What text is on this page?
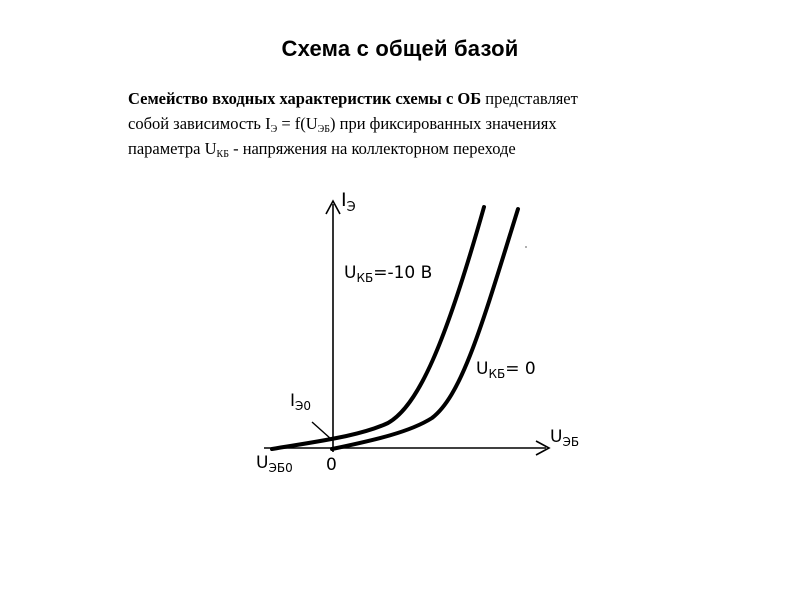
Схема с общей базой
Семейство входных характеристик схемы с ОБ представляет
собой зависимость $I_Э = f(U_{ЭБ})$ при фиксированных значениях
параметра $U_{КБ}$ - напряжения на коллекторном переходе
$I_Э$
$U_{ЭБ}$
$U_{КБ}=-10$ В
$U_{КБ}= 0$
$I_{Э0}$
0
$U_{ЭБ0}$
